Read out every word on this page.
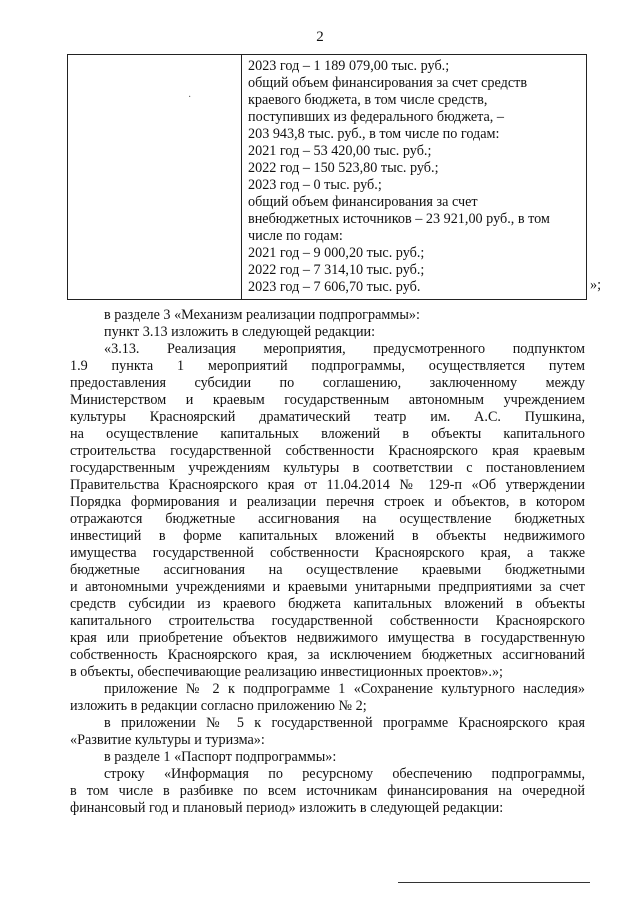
2
·
2023 год – 1 189 079,00 тыс. руб.;
общий объем финансирования за счет средств
краевого бюджета, в том числе средств,
поступивших из федерального бюджета, –
203 943,8 тыс. руб., в том числе по годам:
2021 год – 53 420,00 тыс. руб.;
2022 год – 150 523,80 тыс. руб.;
2023 год – 0 тыс. руб.;
общий объем финансирования за счет
внебюджетных источников – 23 921,00 руб., в том
числе по годам:
2021 год – 9 000,20 тыс. руб.;
2022 год – 7 314,10 тыс. руб.;
2023 год – 7 606,70 тыс. руб.	»;

в разделе 3 «Механизм реализации подпрограммы»:

пункт 3.13 изложить в следующей редакции:

«3.13. Реализация мероприятия, предусмотренного подпунктом

1.9 пункта 1 мероприятий подпрограммы, осуществляется путем

предоставления субсидии по соглашению, заключенному между

Министерством и краевым государственным автономным учреждением

культуры Красноярский драматический театр им. А.С. Пушкина,

на осуществление капитальных вложений в объекты капитального

строительства государственной собственности Красноярского края краевым

государственным учреждениям культуры в соответствии с постановлением

Правительства Красноярского края от 11.04.2014 № 129-п «Об утверждении

Порядка формирования и реализации перечня строек и объектов, в котором

отражаются бюджетные ассигнования на осуществление бюджетных

инвестиций в форме капитальных вложений в объекты недвижимого

имущества государственной собственности Красноярского края, а также

бюджетные ассигнования на осуществление краевыми бюджетными

и автономными учреждениями и краевыми унитарными предприятиями за счет

средств субсидии из краевого бюджета капитальных вложений в объекты

капитального строительства государственной собственности Красноярского

края или приобретение объектов недвижимого имущества в государственную

собственность Красноярского края, за исключением бюджетных ассигнований

в объекты, обеспечивающие реализацию инвестиционных проектов».»;

приложение № 2 к подпрограмме 1 «Сохранение культурного наследия»

изложить в редакции согласно приложению № 2;

в приложении № 5 к государственной программе Красноярского края

«Развитие культуры и туризма»:

в разделе 1 «Паспорт подпрограммы»:

строку «Информация по ресурсному обеспечению подпрограммы,

в том числе в разбивке по всем источникам финансирования на очередной

финансовый год и плановый период» изложить в следующей редакции:
